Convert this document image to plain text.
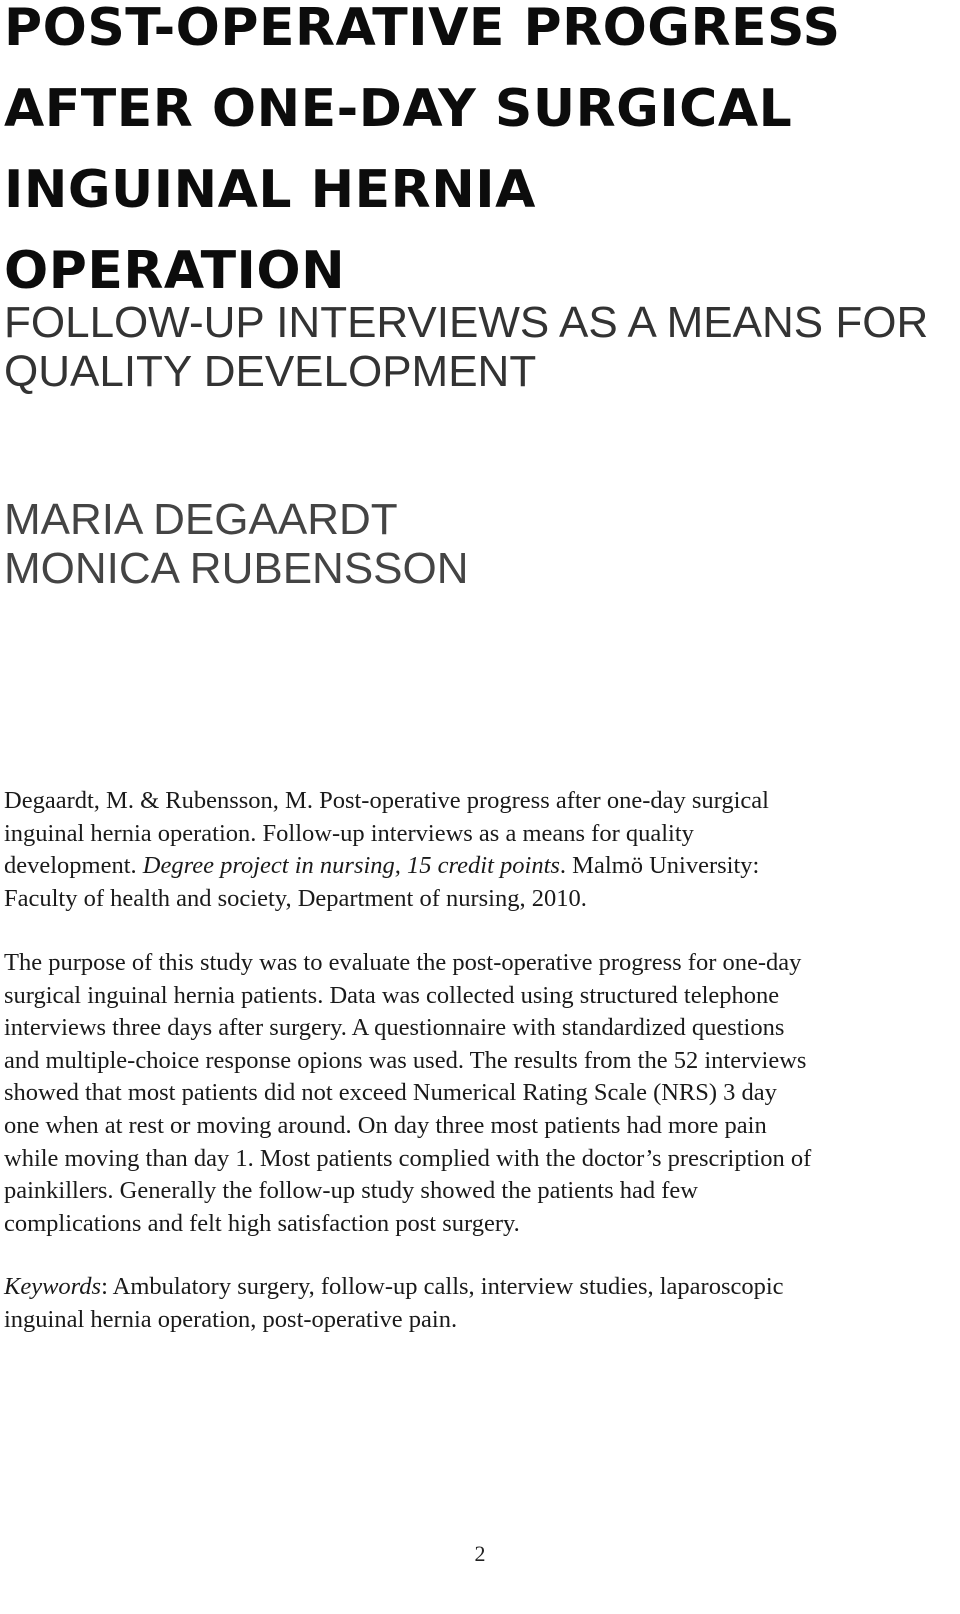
POST-OPERATIVE PROGRESS
AFTER ONE-DAY SURGICAL
INGUINAL HERNIA
OPERATION
FOLLOW-UP INTERVIEWS AS A MEANS FOR
QUALITY DEVELOPMENT
MARIA DEGAARDT
MONICA RUBENSSON

Degaardt, M. & Rubensson, M. Post-operative progress after one-day surgical
inguinal hernia operation. Follow-up interviews as a means for quality
development. Degree project in nursing, 15 credit points. Malmö University:
Faculty of health and society, Department of nursing, 2010.

The purpose of this study was to evaluate the post-operative progress for one-day
surgical inguinal hernia patients. Data was collected using structured telephone
interviews three days after surgery. A questionnaire with standardized questions
and multiple-choice response opions was used. The results from the 52 interviews
showed that most patients did not exceed Numerical Rating Scale (NRS) 3 day
one when at rest or moving around. On day three most patients had more pain
while moving than day 1. Most patients complied with the doctor’s prescription of
painkillers. Generally the follow-up study showed the patients had few
complications and felt high satisfaction post surgery.

Keywords: Ambulatory surgery, follow-up calls, interview studies, laparoscopic
inguinal hernia operation, post-operative pain.

2
